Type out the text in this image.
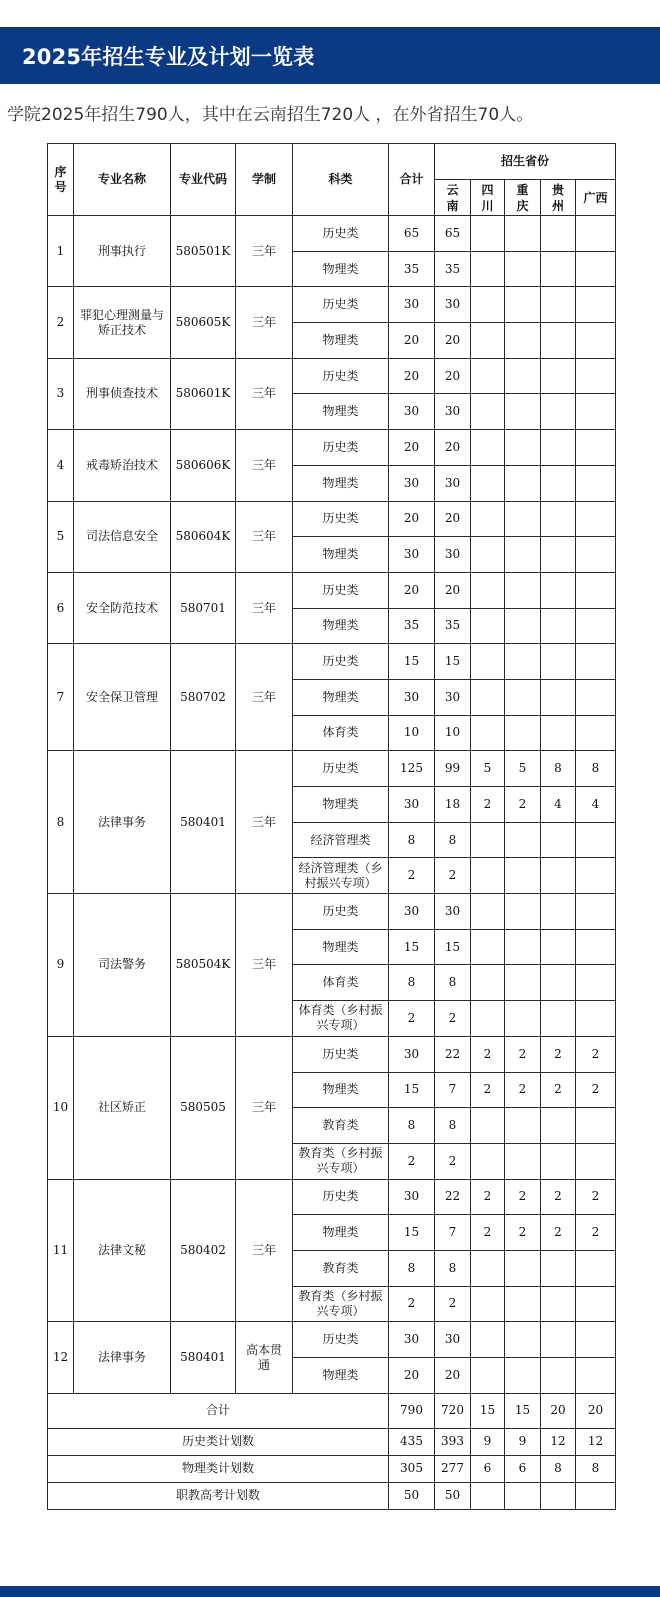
2025年招生专业及计划一览表
学院2025年招生790人，其中在云南招生720人 ，在外省招生70人。
序号	专业名称	专业代码	学制	科类	合计	招生省份				
						云南	四川	重庆	贵州	广西
1	刑事执行	580501K	三年	历史类	65	65				
				物理类	35	35				
2	罪犯心理测量与矫正技术	580605K	三年	历史类	30	30				
				物理类	20	20				
3	刑事侦查技术	580601K	三年	历史类	20	20				
				物理类	30	30				
4	戒毒矫治技术	580606K	三年	历史类	20	20				
				物理类	30	30				
5	司法信息安全	580604K	三年	历史类	20	20				
				物理类	30	30				
6	安全防范技术	580701	三年	历史类	20	20				
				物理类	35	35				
7	安全保卫管理	580702	三年	历史类	15	15				
				物理类	30	30				
				体育类	10	10				
8	法律事务	580401	三年	历史类	125	99	5	5	8	8
				物理类	30	18	2	2	4	4
				经济管理类	8	8				
				经济管理类（乡村振兴专项）	2	2				
9	司法警务	580504K	三年	历史类	30	30				
				物理类	15	15				
				体育类	8	8				
				体育类（乡村振兴专项）	2	2				
10	社区矫正	580505	三年	历史类	30	22	2	2	2	2
				物理类	15	7	2	2	2	2
				教育类	8	8				
				教育类（乡村振兴专项）	2	2				
11	法律文秘	580402	三年	历史类	30	22	2	2	2	2
				物理类	15	7	2	2	2	2
				教育类	8	8				
				教育类（乡村振兴专项）	2	2				
12	法律事务	580401	高本贯通	历史类	30	30				
				物理类	20	20				
合计					790	720	15	15	20	20
历史类计划数					435	393	9	9	12	12
物理类计划数					305	277	6	6	8	8
职教高考计划数					50	50				
